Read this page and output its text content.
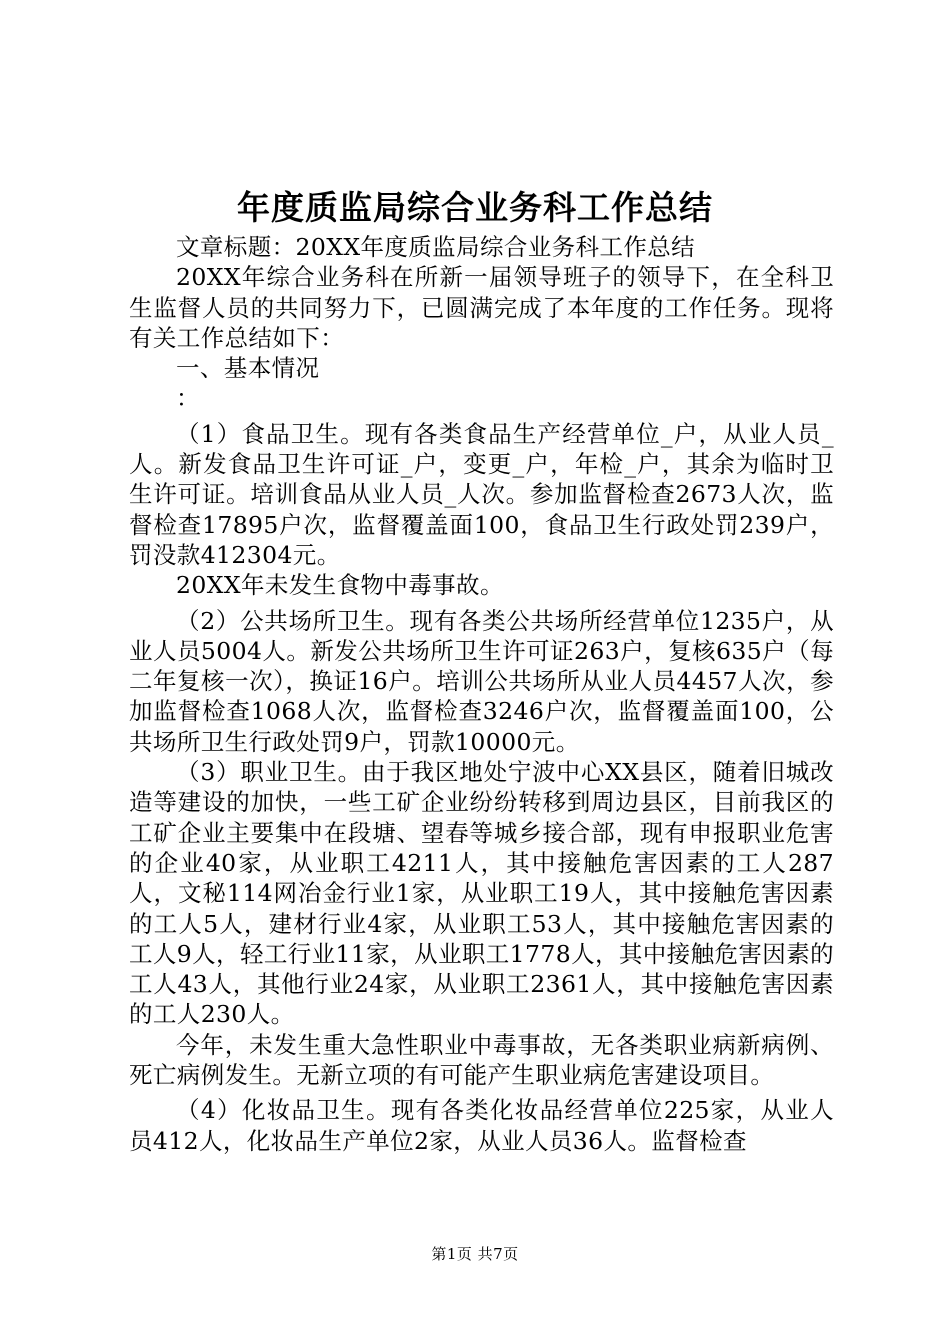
年度质监局综合业务科工作总结

文章标题：20XX年度质监局综合业务科工作总结

20XX年综合业务科在所新一届领导班子的领导下，在全科卫生监督人员的共同努力下，已圆满完成了本年度的工作任务。现将有关工作总结如下：

一、基本情况

：

（1）食品卫生。现有各类食品生产经营单位_户，从业人员_人。新发食品卫生许可证_户，变更_户，年检_户，其余为临时卫生许可证。培训食品从业人员_人次。参加监督检查2673人次，监督检查17895户次，监督覆盖面100，食品卫生行政处罚239户，罚没款412304元。

20XX年未发生食物中毒事故。

（2）公共场所卫生。现有各类公共场所经营单位1235户，从业人员5004人。新发公共场所卫生许可证263户，复核635户（每二年复核一次），换证16户。培训公共场所从业人员4457人次，参加监督检查1068人次，监督检查3246户次，监督覆盖面100，公共场所卫生行政处罚9户，罚款10000元。

（3）职业卫生。由于我区地处宁波中心XX县区，随着旧城改造等建设的加快，一些工矿企业纷纷转移到周边县区，目前我区的工矿企业主要集中在段塘、望春等城乡接合部，现有申报职业危害的企业40家，从业职工4211人，其中接触危害因素的工人287人，文秘114网冶金行业1家，从业职工19人，其中接触危害因素的工人5人，建材行业4家，从业职工53人，其中接触危害因素的工人9人，轻工行业11家，从业职工1778人，其中接触危害因素的工人43人，其他行业24家，从业职工2361人，其中接触危害因素的工人230人。

今年，未发生重大急性职业中毒事故，无各类职业病新病例、死亡病例发生。无新立项的有可能产生职业病危害建设项目。

（4）化妆品卫生。现有各类化妆品经营单位225家，从业人员412人，化妆品生产单位2家，从业人员36人。监督检查

第1页 共7页
